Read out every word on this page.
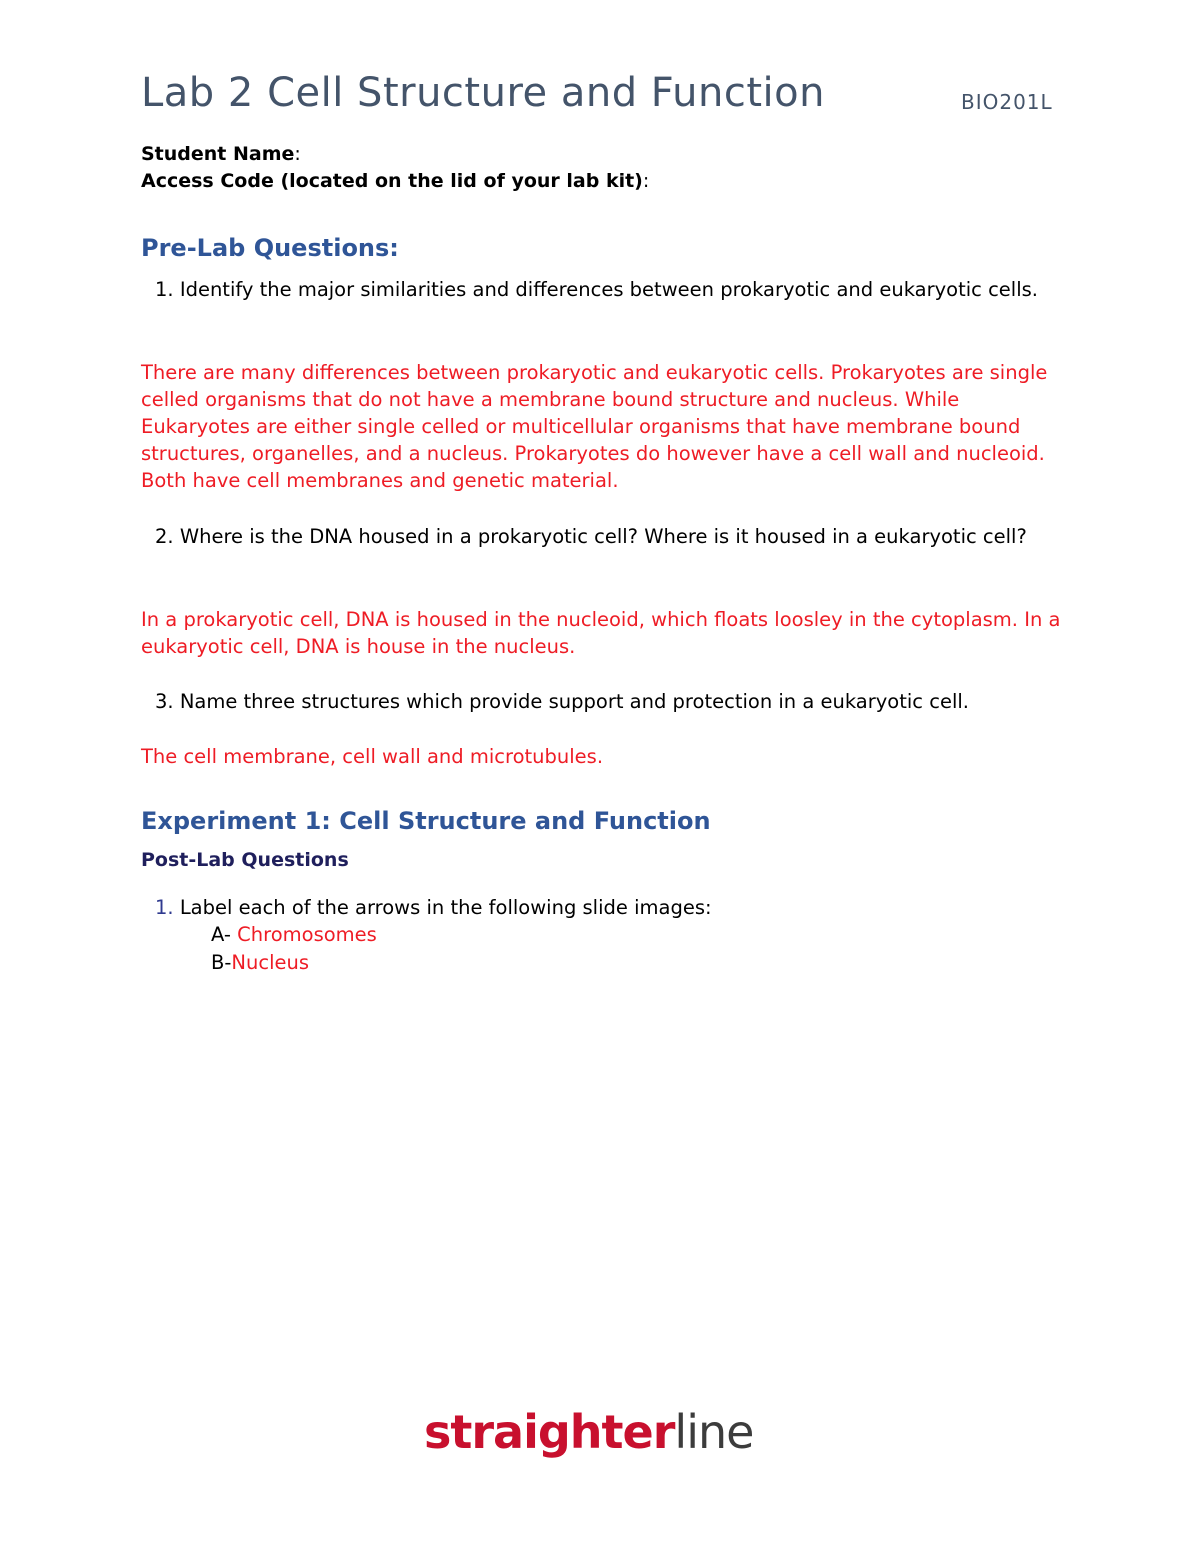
Lab 2 Cell Structure and Function	BIO201L
Student Name:
Access Code (located on the lid of your lab kit):
Pre-Lab Questions:
1. Identify the major similarities and differences between prokaryotic and eukaryotic cells.
There are many differences between prokaryotic and eukaryotic cells. Prokaryotes are single celled organisms that do not have a membrane bound structure and nucleus. While Eukaryotes are either single celled or multicellular organisms that have membrane bound structures, organelles, and a nucleus. Prokaryotes do however have a cell wall and nucleoid. Both have cell membranes and genetic material.
2. Where is the DNA housed in a prokaryotic cell? Where is it housed in a eukaryotic cell?
In a prokaryotic cell, DNA is housed in the nucleoid, which floats loosley in the cytoplasm. In a eukaryotic cell, DNA is house in the nucleus.
3. Name three structures which provide support and protection in a eukaryotic cell.
The cell membrane, cell wall and microtubules.
Experiment 1: Cell Structure and Function
Post-Lab Questions
1. Label each of the arrows in the following slide images:
A- Chromosomes
B-Nucleus
straighterline
